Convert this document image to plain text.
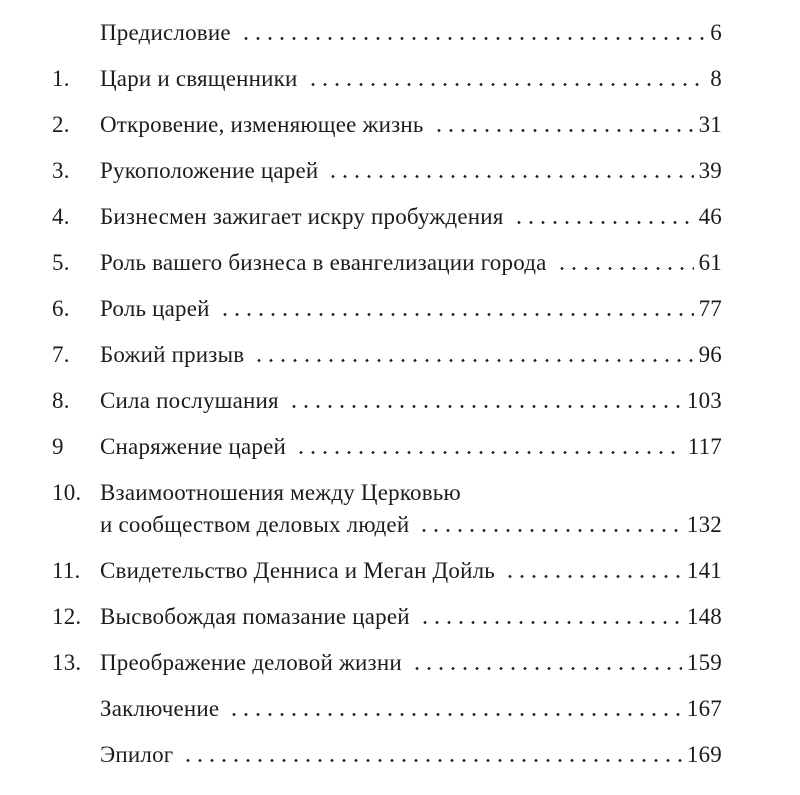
Предисловие	6
1.	Цари и священники	8
2.	Откровение, изменяющее жизнь	31
3.	Рукоположение царей	39
4.	Бизнесмен зажигает искру пробуждения	46
5.	Роль вашего бизнеса в евангелизации города	61
6.	Роль царей	77
7.	Божий призыв	96
8.	Сила послушания	103
9	Снаряжение царей	117
10. Взаимоотношения между Церковью
и сообществом деловых людей	132
11. Свидетельство Денниса и Меган Дойль	141
12. Высвобождая помазание царей	148
13. Преображение деловой жизни	159
Заключение	167
Эпилог	169
